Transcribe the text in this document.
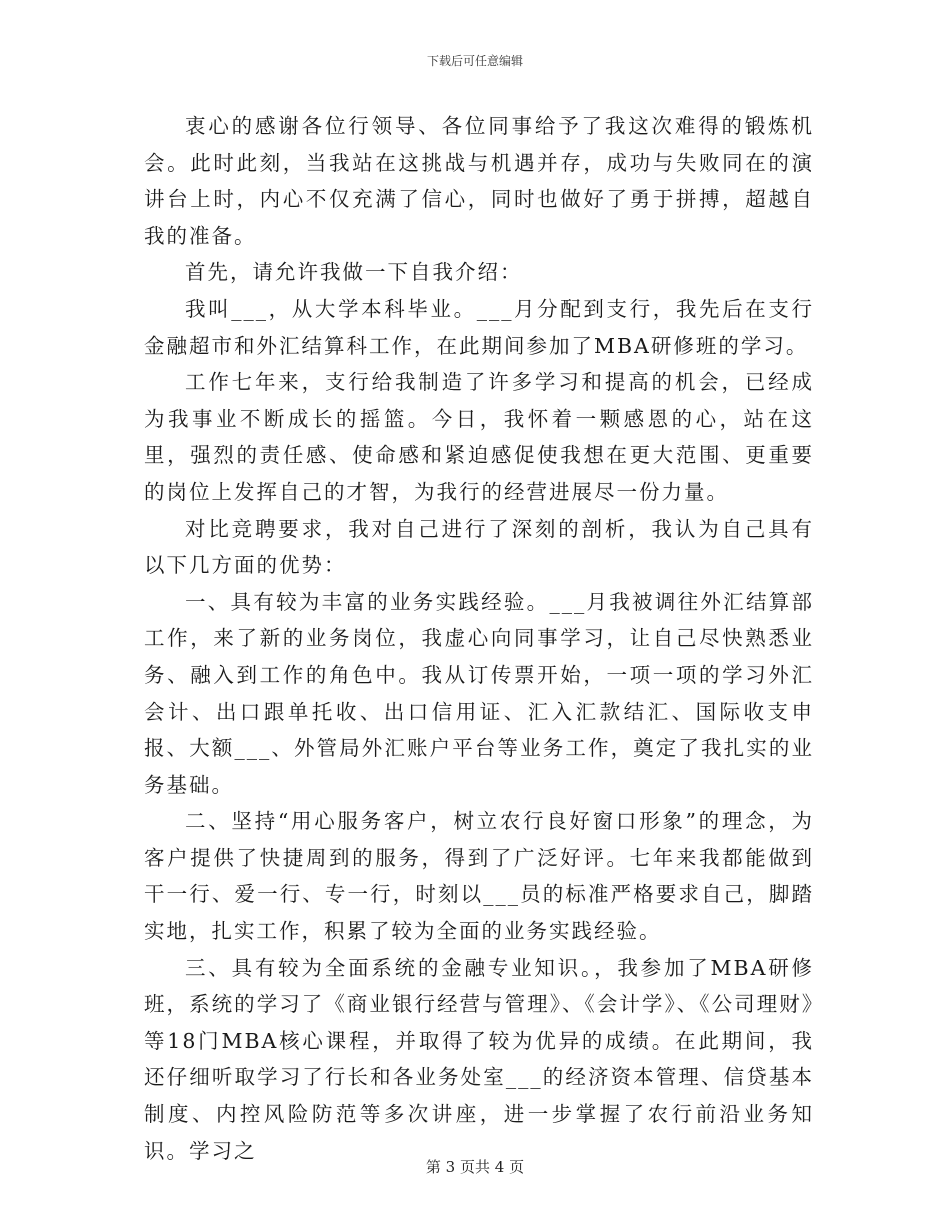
下载后可任意编辑

衷心的感谢各位行领导、各位同事给予了我这次难得的锻炼机会。此时此刻，当我站在这挑战与机遇并存，成功与失败同在的演讲台上时，内心不仅充满了信心，同时也做好了勇于拼搏，超越自我的准备。

首先，请允许我做一下自我介绍：

我叫___，从大学本科毕业。___月分配到支行，我先后在支行金融超市和外汇结算科工作，在此期间参加了MBA研修班的学习。

工作七年来，支行给我制造了许多学习和提高的机会，已经成为我事业不断成长的摇篮。今日，我怀着一颗感恩的心，站在这里，强烈的责任感、使命感和紧迫感促使我想在更大范围、更重要的岗位上发挥自己的才智，为我行的经营进展尽一份力量。

对比竞聘要求，我对自己进行了深刻的剖析，我认为自己具有以下几方面的优势：

一、具有较为丰富的业务实践经验。___月我被调往外汇结算部工作，来了新的业务岗位，我虚心向同事学习，让自己尽快熟悉业务、融入到工作的角色中。我从订传票开始，一项一项的学习外汇会计、出口跟单托收、出口信用证、汇入汇款结汇、国际收支申报、大额___、外管局外汇账户平台等业务工作，奠定了我扎实的业务基础。

二、坚持“用心服务客户，树立农行良好窗口形象”的理念，为客户提供了快捷周到的服务，得到了广泛好评。七年来我都能做到干一行、爱一行、专一行，时刻以___员的标准严格要求自己，脚踏实地，扎实工作，积累了较为全面的业务实践经验。

三、具有较为全面系统的金融专业知识。，我参加了MBA研修班，系统的学习了《商业银行经营与管理》、《会计学》、《公司理财》等18门MBA核心课程，并取得了较为优异的成绩。在此期间，我还仔细听取学习了行长和各业务处室___的经济资本管理、信贷基本制度、内控风险防范等多次讲座，进一步掌握了农行前沿业务知识。学习之

第 3 页共 4 页
